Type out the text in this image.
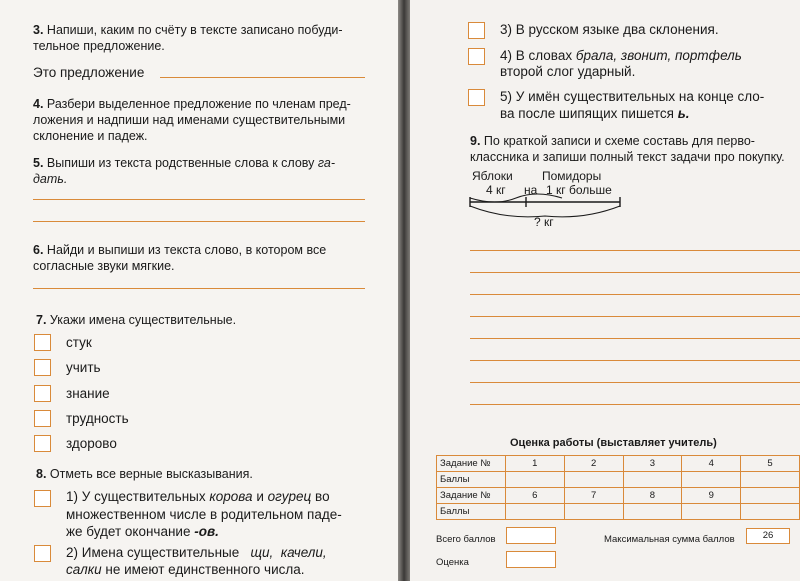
3. Напиши, каким по счёту в тексте записано побуди-
тельное предложение.
Это предложение
4. Разбери выделенное предложение по членам пред-
ложения и надпиши над именами существительными
склонение и падеж.
5. Выпиши из текста родственные слова к слову га-
дать.
6. Найди и выпиши из текста слово, в котором все
согласные звуки мягкие.
7. Укажи имена существительные.
стук
учить
знание
трудность
здорово
8. Отметь все верные высказывания.
1) У существительных корова и огурец во
множественном числе в родительном паде-
же будет окончание -ов.
2) Имена существительные щи, качели,
салки не имеют единственного числа.
3) В русском языке два склонения.
4) В словах брала, звонит, портфель
второй слог ударный.
5) У имён существительных на конце сло-
ва после шипящих пишется ь.
9. По краткой записи и схеме составь для перво-
классника и запиши полный текст задачи про покупку.
Яблоки Помидоры
4 кг на 1 кг больше
? кг
Оценка работы (выставляет учитель)
Задание №	1	2	3	4	5
Баллы					
Задание №	6	7	8	9	
Баллы					
Всего баллов	Максимальная сумма баллов	26
Оценка
